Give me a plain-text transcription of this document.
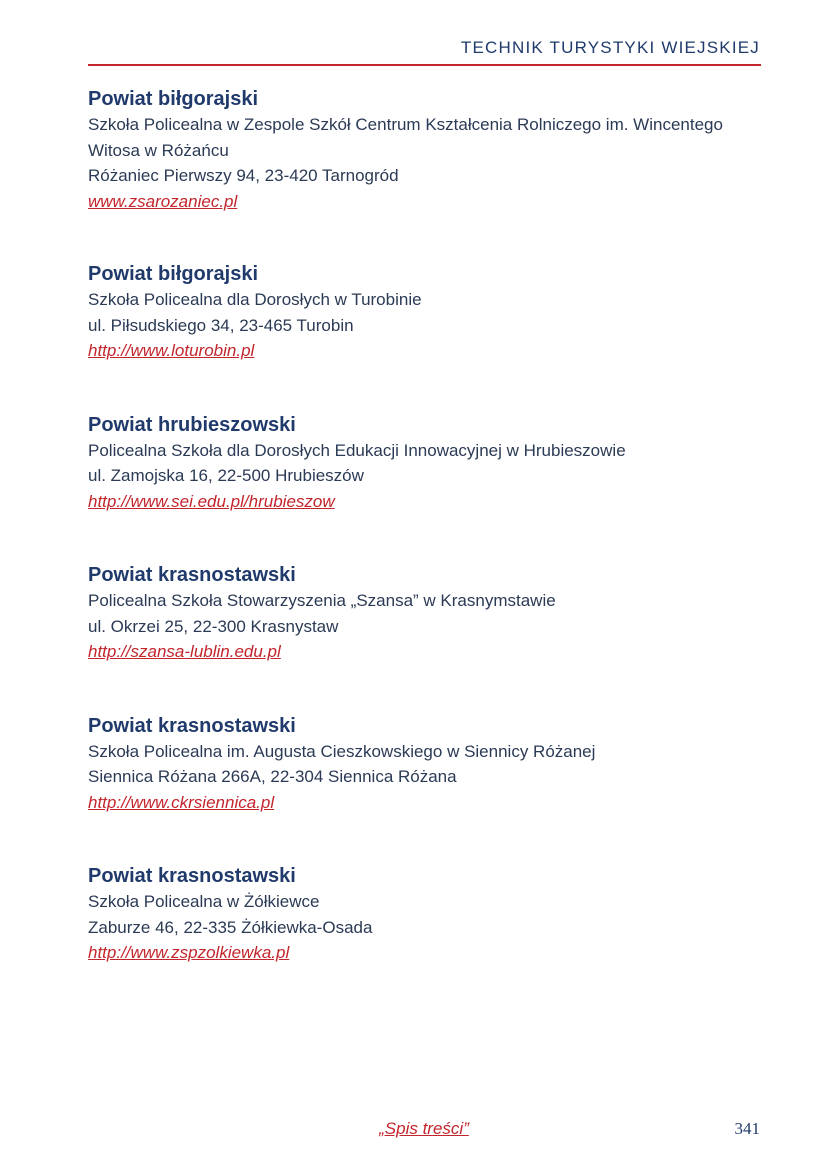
TECHNIK TURYSTYKI WIEJSKIEJ
Powiat biłgorajski

Szkoła Policealna w Zespole Szkół Centrum Kształcenia Rolniczego im. Wincentego Witosa w Różańcu

Różaniec Pierwszy 94, 23-420 Tarnogród

www.zsarozaniec.pl
Powiat biłgorajski

Szkoła Policealna dla Dorosłych w Turobinie

ul. Piłsudskiego 34, 23-465 Turobin

http://www.loturobin.pl
Powiat hrubieszowski

Policealna Szkoła dla Dorosłych Edukacji Innowacyjnej w Hrubieszowie

ul. Zamojska 16, 22-500 Hrubieszów

http://www.sei.edu.pl/hrubieszow
Powiat krasnostawski

Policealna Szkoła Stowarzyszenia „Szansa” w Krasnymstawie

ul. Okrzei 25, 22-300 Krasnystaw

http://szansa-lublin.edu.pl
Powiat krasnostawski

Szkoła Policealna im. Augusta Cieszkowskiego w Siennicy Różanej

Siennica Różana 266A, 22-304 Siennica Różana

http://www.ckrsiennica.pl
Powiat krasnostawski

Szkoła Policealna w Żółkiewce

Zaburze 46, 22-335 Żółkiewka-Osada

http://www.zspzolkiewka.pl
„Spis treści”	341
